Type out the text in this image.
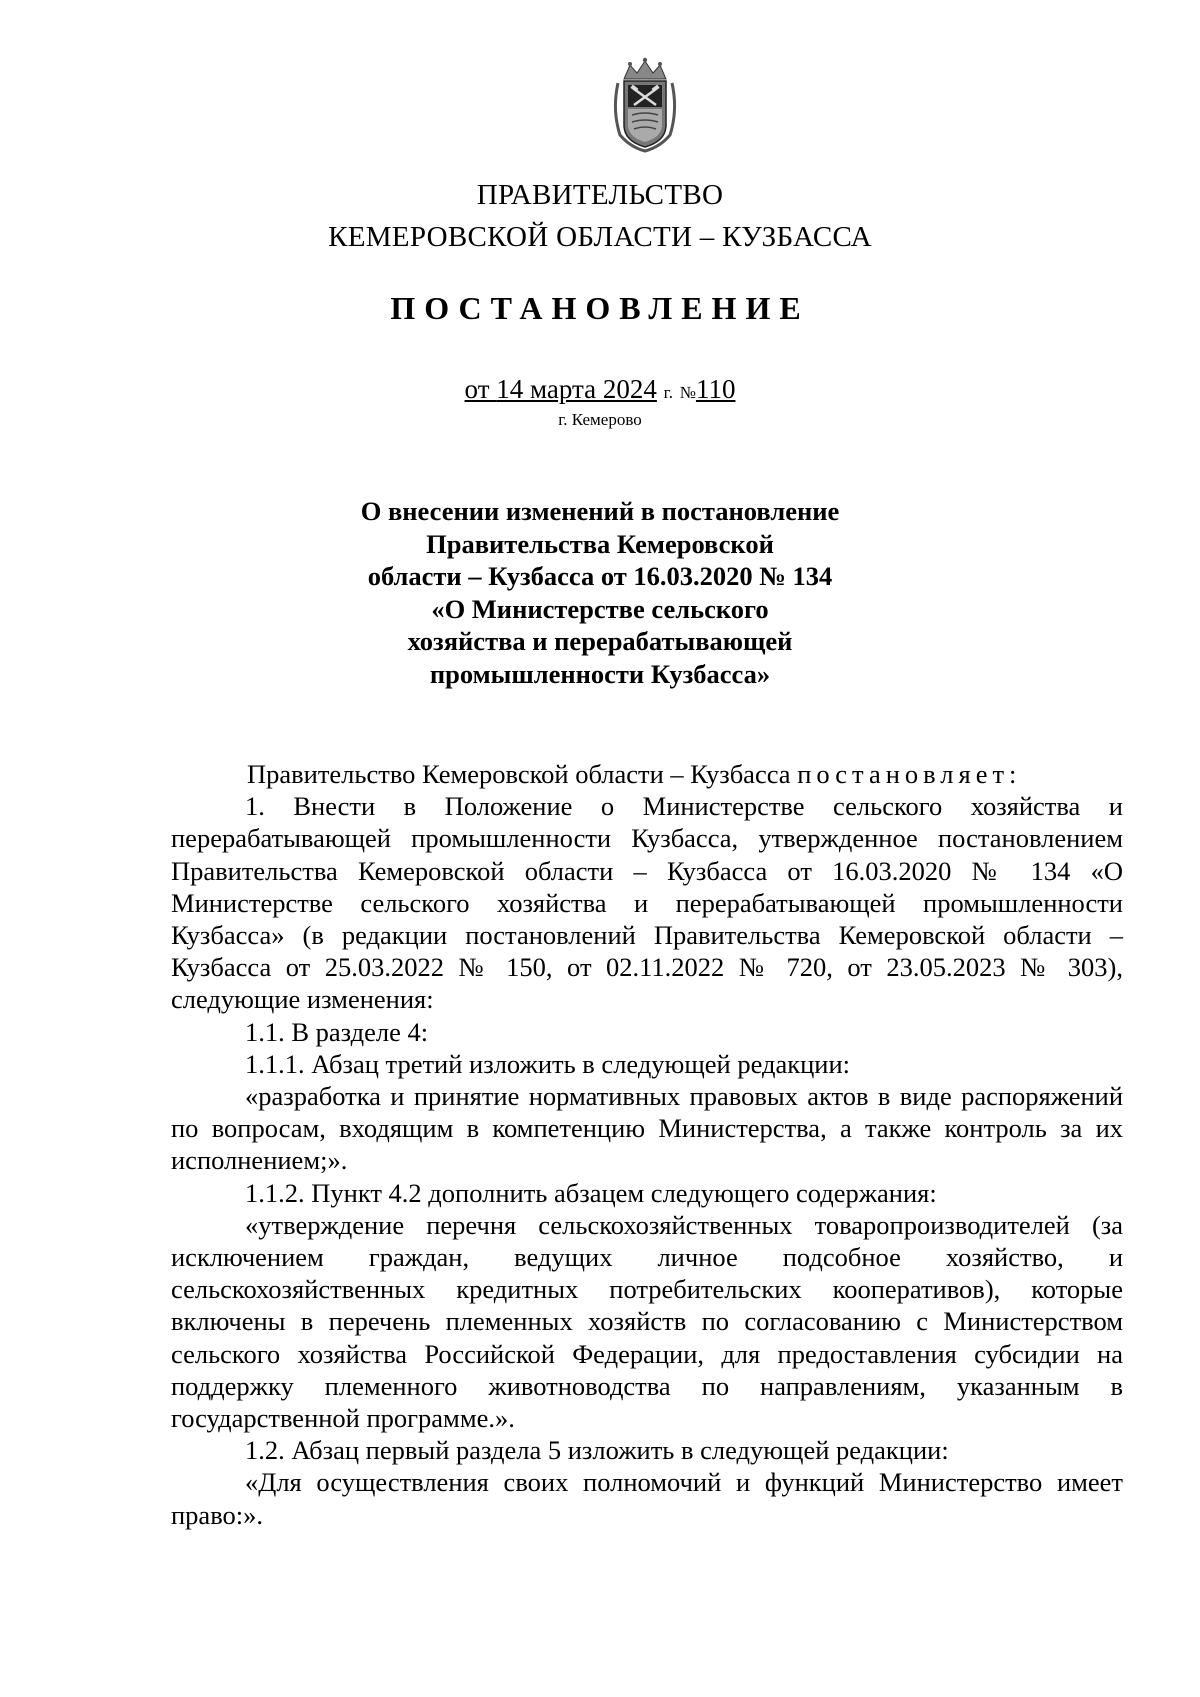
ПРАВИТЕЛЬСТВО
КЕМЕРОВСКОЙ ОБЛАСТИ – КУЗБАССА
ПОСТАНОВЛЕНИЕ
от 14 марта 2024 г. №110
г. Кемерово
О внесении изменений в постановление
Правительства Кемеровской
области – Кузбасса от 16.03.2020 № 134
«О Министерстве сельского
хозяйства и перерабатывающей
промышленности Кузбасса»

Правительство Кемеровской области – Кузбасса постановляет:

1. Внести в Положение о Министерстве сельского хозяйства и перерабатывающей промышленности Кузбасса, утвержденное постановлением Правительства Кемеровской области – Кузбасса от 16.03.2020 № 134 «О Министерстве сельского хозяйства и перерабатывающей промышленности Кузбасса» (в редакции постановлений Правительства Кемеровской области – Кузбасса от 25.03.2022 № 150, от 02.11.2022 № 720, от 23.05.2023 № 303), следующие изменения:

1.1. В разделе 4:

1.1.1. Абзац третий изложить в следующей редакции:

«разработка и принятие нормативных правовых актов в виде распоряжений по вопросам, входящим в компетенцию Министерства, а также контроль за их исполнением;».

1.1.2. Пункт 4.2 дополнить абзацем следующего содержания:

«утверждение перечня сельскохозяйственных товаропроизводителей (за исключением граждан, ведущих личное подсобное хозяйство, и сельскохозяйственных кредитных потребительских кооперативов), которые включены в перечень племенных хозяйств по согласованию с Министерством сельского хозяйства Российской Федерации, для предоставления субсидии на поддержку племенного животноводства по направлениям, указанным в государственной программе.».

1.2. Абзац первый раздела 5 изложить в следующей редакции:

«Для осуществления своих полномочий и функций Министерство имеет право:».
